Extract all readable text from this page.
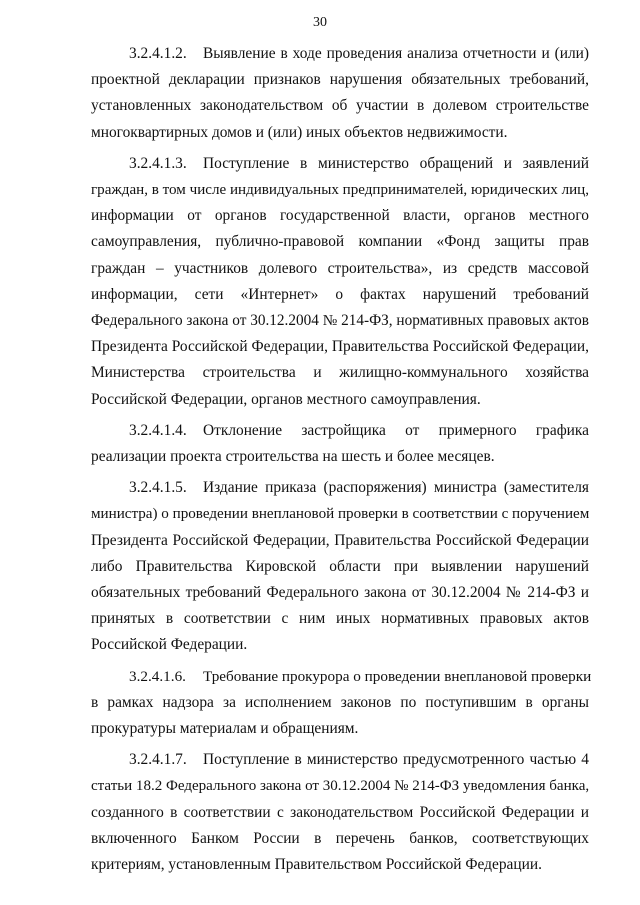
30
3.2.4.1.2. Выявление в ходе проведения анализа отчетности и (или)
проектной декларации признаков нарушения обязательных требований,
установленных законодательством об участии в долевом строительстве
многоквартирных домов и (или) иных объектов недвижимости.
3.2.4.1.3. Поступление в министерство обращений и заявлений
граждан, в том числе индивидуальных предпринимателей, юридических лиц,
информации от органов государственной власти, органов местного
самоуправления, публично-правовой компании «Фонд защиты прав
граждан – участников долевого строительства», из средств массовой
информации, сети «Интернет» о фактах нарушений требований
Федерального закона от 30.12.2004 № 214-ФЗ, нормативных правовых актов
Президента Российской Федерации, Правительства Российской Федерации,
Министерства строительства и жилищно-коммунального хозяйства
Российской Федерации, органов местного самоуправления.
3.2.4.1.4. Отклонение застройщика от примерного графика
реализации проекта строительства на шесть и более месяцев.
3.2.4.1.5. Издание приказа (распоряжения) министра (заместителя
министра) о проведении внеплановой проверки в соответствии с поручением
Президента Российской Федерации, Правительства Российской Федерации
либо Правительства Кировской области при выявлении нарушений
обязательных требований Федерального закона от 30.12.2004 № 214-ФЗ и
принятых в соответствии с ним иных нормативных правовых актов
Российской Федерации.
3.2.4.1.6. Требование прокурора о проведении внеплановой проверки
в рамках надзора за исполнением законов по поступившим в органы
прокуратуры материалам и обращениям.
3.2.4.1.7. Поступление в министерство предусмотренного частью 4
статьи 18.2 Федерального закона от 30.12.2004 № 214-ФЗ уведомления банка,
созданного в соответствии с законодательством Российской Федерации и
включенного Банком России в перечень банков, соответствующих
критериям, установленным Правительством Российской Федерации.
